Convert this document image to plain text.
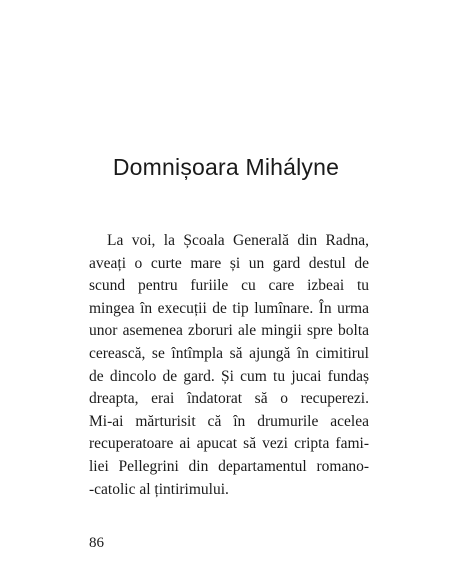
Domnișoara Mihályne
La voi, la Școala Generală din Radna,
aveați o curte mare și un gard destul de
scund pentru furiile cu care izbeai tu
mingea în execuții de tip lumînare. În urma
unor asemenea zboruri ale mingii spre bolta
cerească, se întîmpla să ajungă în cimitirul
de dincolo de gard. Și cum tu jucai fundaș
dreapta, erai îndatorat să o recuperezi.
Mi-ai mărturisit că în drumurile acelea
recuperatoare ai apucat să vezi cripta fami-
liei Pellegrini din departamentul romano-
-catolic al țintirimului.
86
